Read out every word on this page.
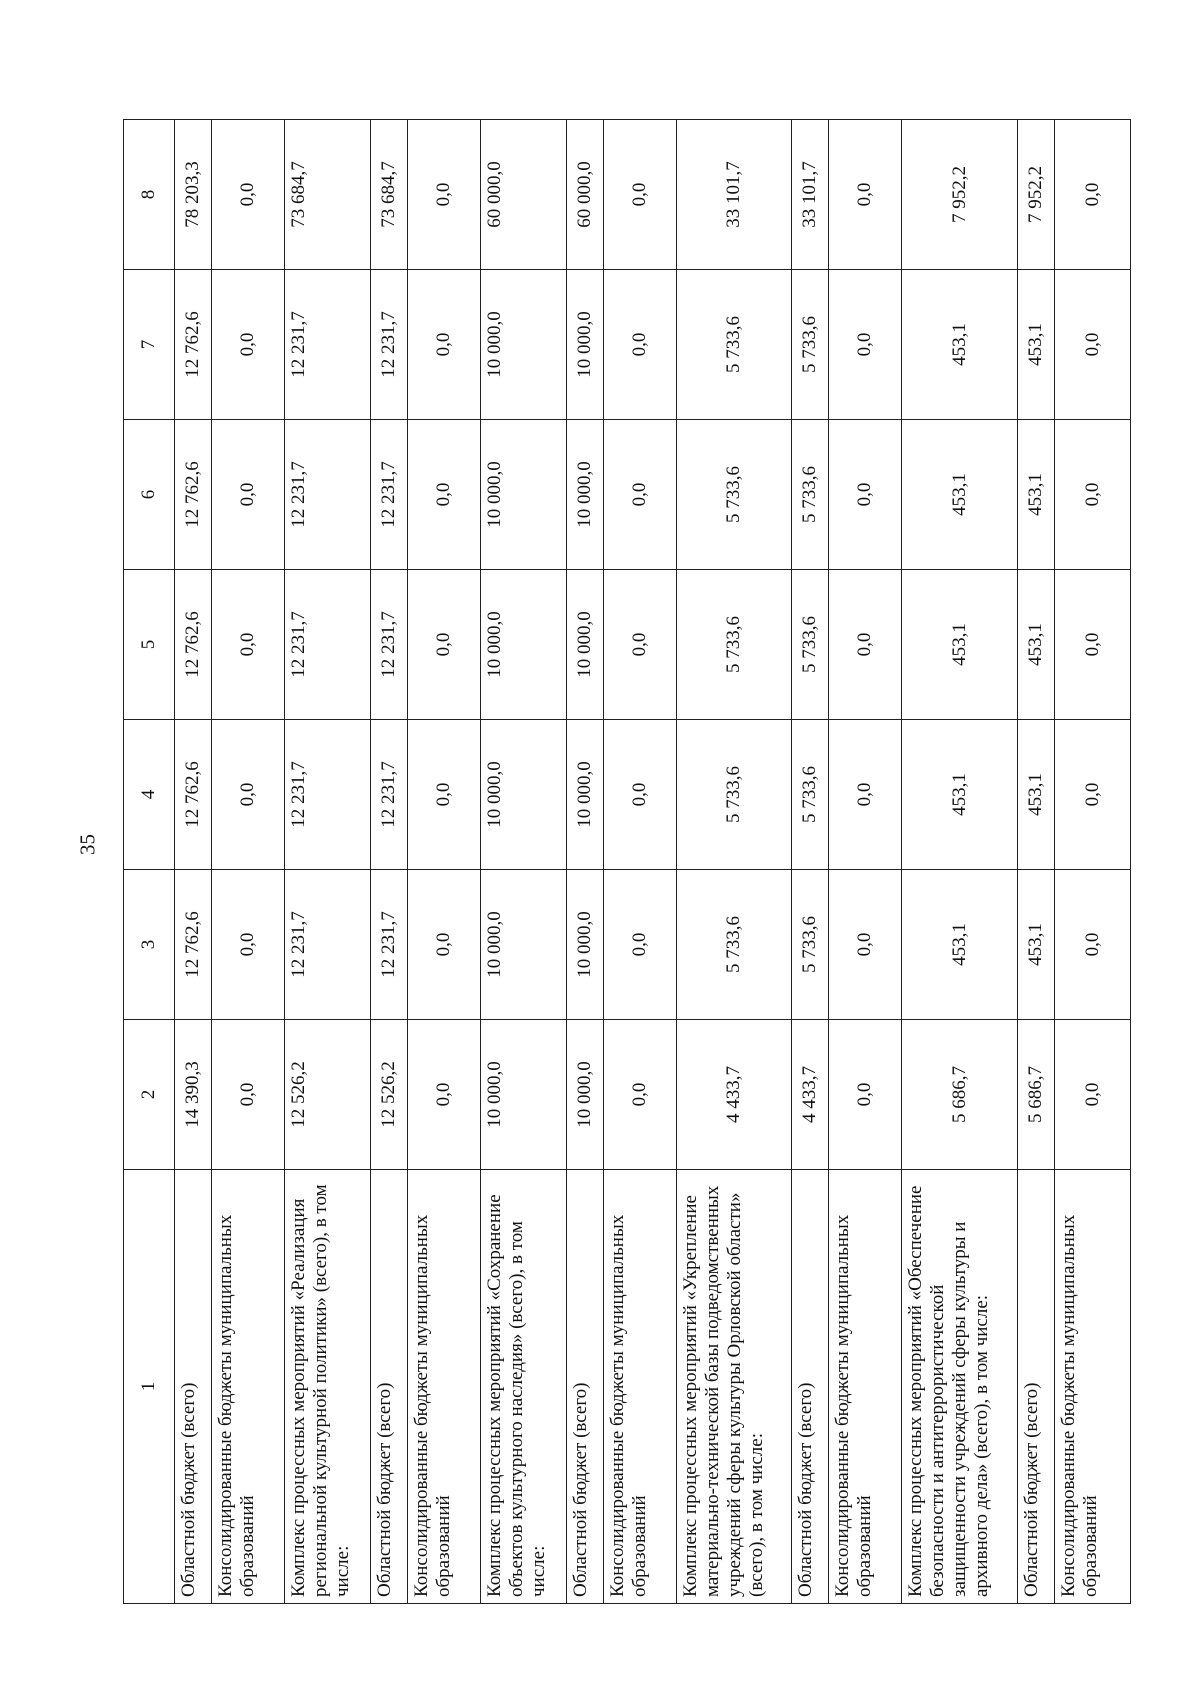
35
1	2	3	4	5	6	7	8
Областной бюджет (всего)	14 390,3	12 762,6	12 762,6	12 762,6	12 762,6	12 762,6	78 203,3
Консолидированные бюджеты муниципальных образований	0,0	0,0	0,0	0,0	0,0	0,0	0,0
Комплекс процессных мероприятий «Реализация региональной культурной политики» (всего), в том числе:	12 526,2	12 231,7	12 231,7	12 231,7	12 231,7	12 231,7	73 684,7
Областной бюджет (всего)	12 526,2	12 231,7	12 231,7	12 231,7	12 231,7	12 231,7	73 684,7
Консолидированные бюджеты муниципальных образований	0,0	0,0	0,0	0,0	0,0	0,0	0,0
Комплекс процессных мероприятий «Сохранение объектов культурного наследия» (всего), в том числе:	10 000,0	10 000,0	10 000,0	10 000,0	10 000,0	10 000,0	60 000,0
Областной бюджет (всего)	10 000,0	10 000,0	10 000,0	10 000,0	10 000,0	10 000,0	60 000,0
Консолидированные бюджеты муниципальных образований	0,0	0,0	0,0	0,0	0,0	0,0	0,0
Комплекс процессных мероприятий «Укрепление материально-технической базы подведомственных учреждений сферы культуры Орловской области» (всего), в том числе:	4 433,7	5 733,6	5 733,6	5 733,6	5 733,6	5 733,6	33 101,7
Областной бюджет (всего)	4 433,7	5 733,6	5 733,6	5 733,6	5 733,6	5 733,6	33 101,7
Консолидированные бюджеты муниципальных образований	0,0	0,0	0,0	0,0	0,0	0,0	0,0
Комплекс процессных мероприятий «Обеспечение безопасности и антитеррористической защищенности учреждений сферы культуры и архивного дела» (всего), в том числе:	5 686,7	453,1	453,1	453,1	453,1	453,1	7 952,2
Областной бюджет (всего)	5 686,7	453,1	453,1	453,1	453,1	453,1	7 952,2
Консолидированные бюджеты муниципальных образований	0,0	0,0	0,0	0,0	0,0	0,0	0,0
